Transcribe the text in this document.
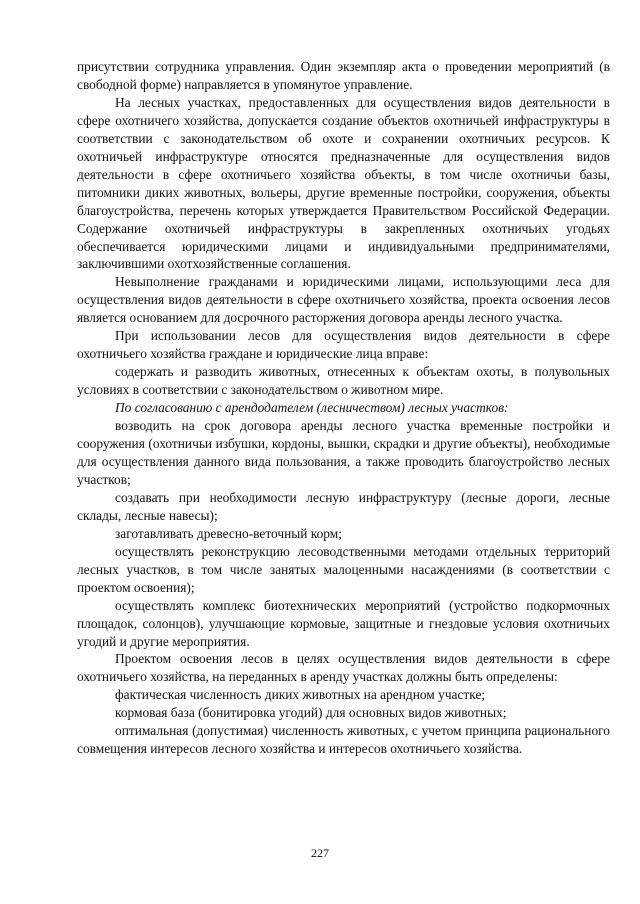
присутствии сотрудника управления. Один экземпляр акта о проведении мероприятий (в свободной форме) направляется в упомянутое управление.

На лесных участках, предоставленных для осуществления видов деятельности в сфере охотничего хозяйства, допускается создание объектов охотничьей инфраструктуры в соответствии с законодательством об охоте и сохранении охотничьих ресурсов. К охотничьей инфраструктуре относятся предназначенные для осуществления видов деятельности в сфере охотничьего хозяйства объекты, в том числе охотничьи базы, питомники диких животных, вольеры, другие временные постройки, сооружения, объекты благоустройства, перечень которых утверждается Правительством Российской Федерации. Содержание охотничьей инфраструктуры в закрепленных охотничьих угодьях обеспечивается юридическими лицами и индивидуальными предпринимателями, заключившими охотхозяйственные соглашения.

Невыполнение гражданами и юридическими лицами, использующими леса для осуществления видов деятельности в сфере охотничьего хозяйства, проекта освоения лесов является основанием для досрочного расторжения договора аренды лесного участка.

При использовании лесов для осуществления видов деятельности в сфере охотничьего хозяйства граждане и юридические лица вправе:

содержать и разводить животных, отнесенных к объектам охоты, в полувольных условиях в соответствии с законодательством о животном мире.

По согласованию с арендодателем (лесничеством) лесных участков:

возводить на срок договора аренды лесного участка временные постройки и сооружения (охотничьи избушки, кордоны, вышки, скрадки и другие объекты), необходимые для осуществления данного вида пользования, а также проводить благоустройство лесных участков;

создавать при необходимости лесную инфраструктуру (лесные дороги, лесные склады, лесные навесы);

заготавливать древесно-веточный корм;

осуществлять реконструкцию лесоводственными методами отдельных территорий лесных участков, в том числе занятых малоценными насаждениями (в соответствии с проектом освоения);

осуществлять комплекс биотехнических мероприятий (устройство подкормочных площадок, солонцов), улучшающие кормовые, защитные и гнездовые условия охотничьих угодий и другие мероприятия.

Проектом освоения лесов в целях осуществления видов деятельности в сфере охотничьего хозяйства, на переданных в аренду участках должны быть определены:

фактическая численность диких животных на арендном участке;

кормовая база (бонитировка угодий) для основных видов животных;

оптимальная (допустимая) численность животных, с учетом принципа рационального совмещения интересов лесного хозяйства и интересов охотничьего хозяйства.

227
